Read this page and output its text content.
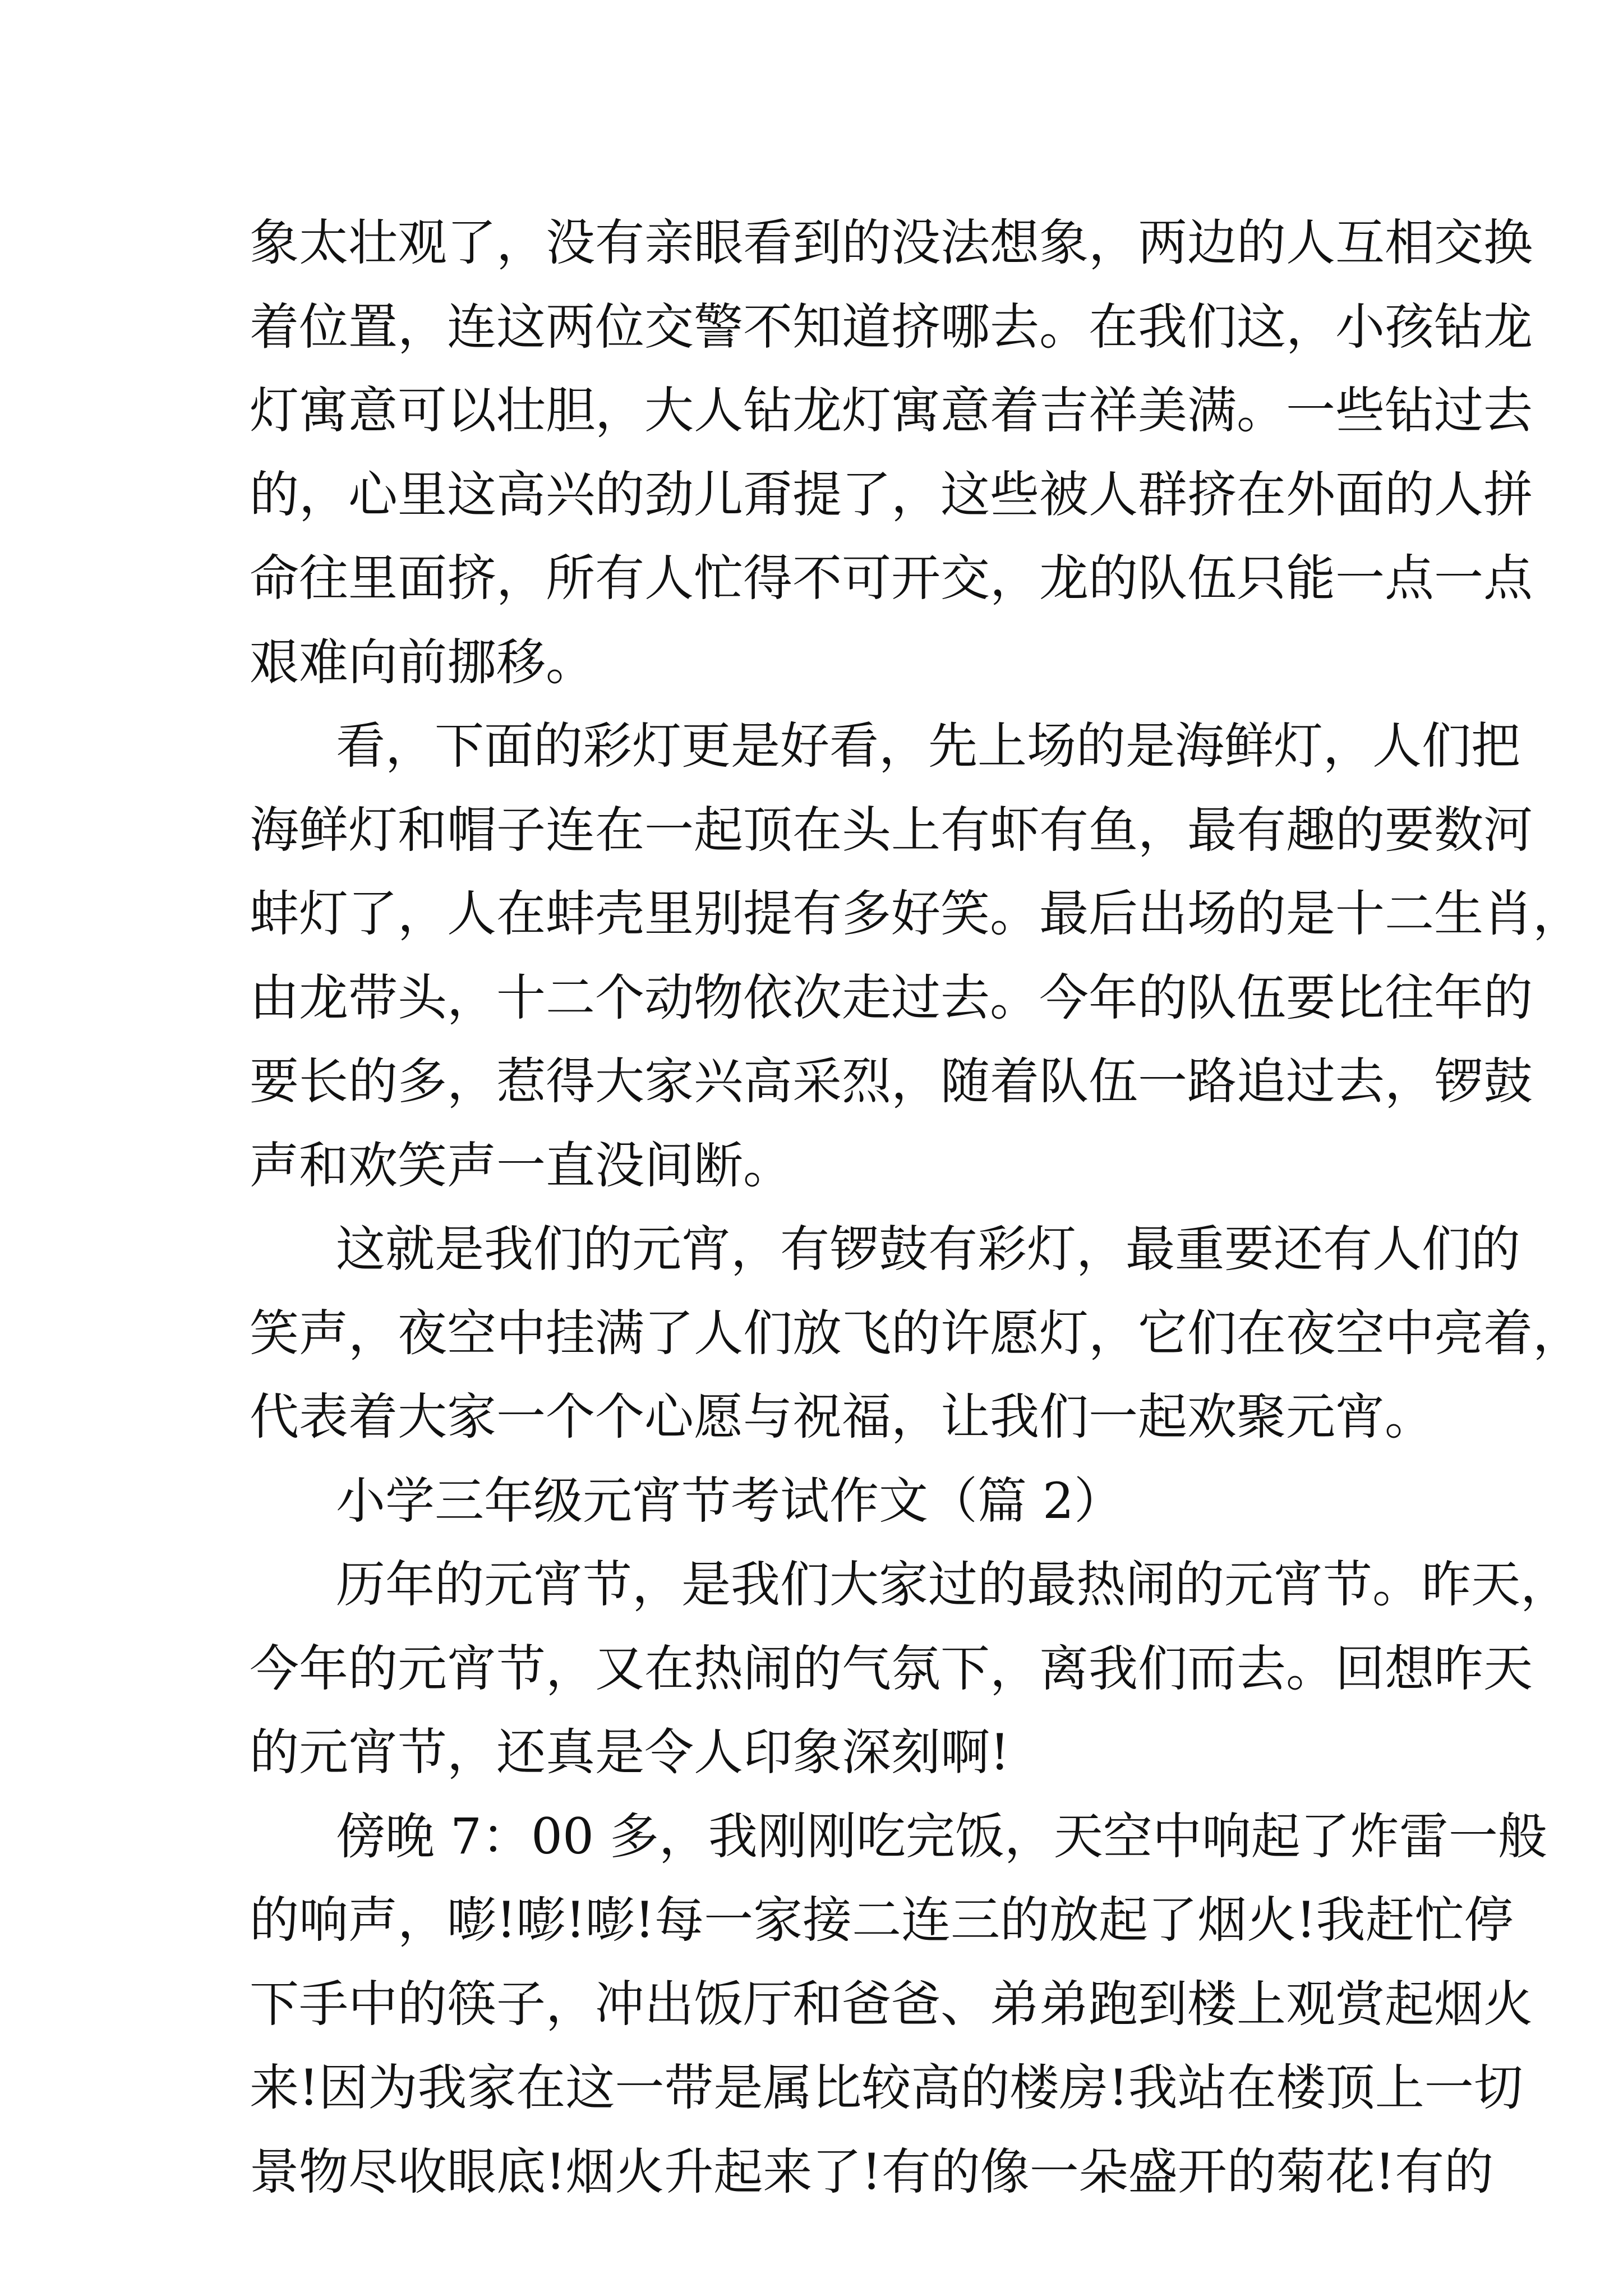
象太壮观了，没有亲眼看到的没法想象，两边的人互相交换
着位置，连这两位交警不知道挤哪去。在我们这，小孩钻龙
灯寓意可以壮胆，大人钻龙灯寓意着吉祥美满。一些钻过去
的，心里这高兴的劲儿甭提了，这些被人群挤在外面的人拼
命往里面挤，所有人忙得不可开交，龙的队伍只能一点一点
艰难向前挪移。
看，下面的彩灯更是好看，先上场的是海鲜灯，人们把
海鲜灯和帽子连在一起顶在头上有虾有鱼，最有趣的要数河
蚌灯了，人在蚌壳里别提有多好笑。最后出场的是十二生肖，
由龙带头，十二个动物依次走过去。今年的队伍要比往年的
要长的多，惹得大家兴高采烈，随着队伍一路追过去，锣鼓
声和欢笑声一直没间断。
这就是我们的元宵，有锣鼓有彩灯，最重要还有人们的
笑声，夜空中挂满了人们放飞的许愿灯，它们在夜空中亮着，
代表着大家一个个心愿与祝福，让我们一起欢聚元宵。
小学三年级元宵节考试作文（篇 2）
历年的元宵节，是我们大家过的最热闹的元宵节。昨天，
今年的元宵节，又在热闹的气氛下，离我们而去。回想昨天
的元宵节，还真是令人印象深刻啊!
傍晚 7：00 多，我刚刚吃完饭，天空中响起了炸雷一般
的响声，嘭!嘭!嘭!每一家接二连三的放起了烟火!我赶忙停
下手中的筷子，冲出饭厅和爸爸、弟弟跑到楼上观赏起烟火
来!因为我家在这一带是属比较高的楼房!我站在楼顶上一切
景物尽收眼底!烟火升起来了!有的像一朵盛开的菊花!有的
